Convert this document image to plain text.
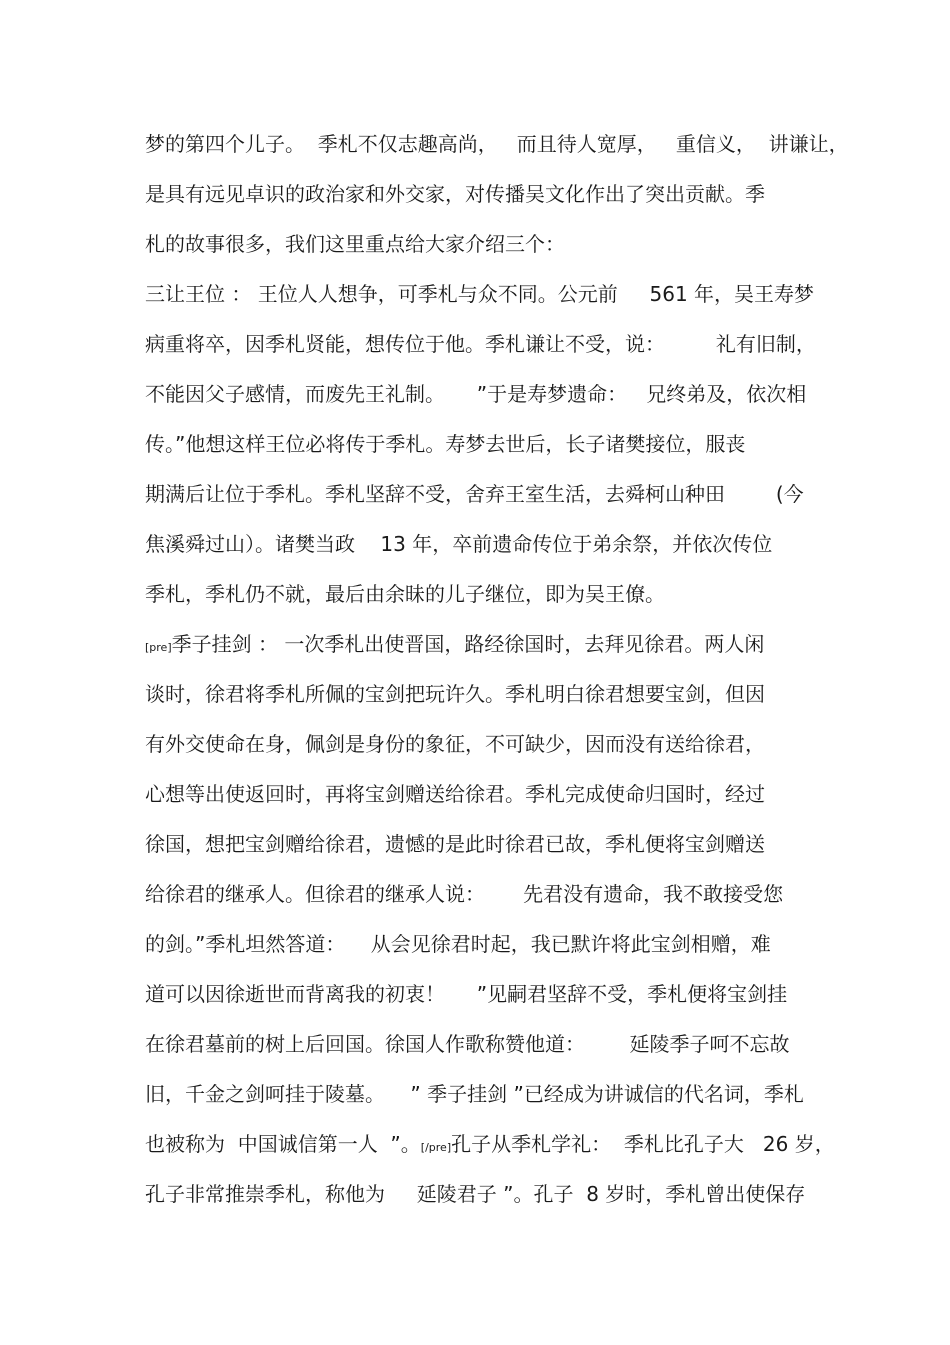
梦的第四个儿子。  季札不仅志趣高尚，   而且待人宽厚，   重信义，  讲谦让，
是具有远见卓识的政治家和外交家，对传播吴文化作出了突出贡献。季
札的故事很多，我们这里重点给大家介绍三个：
三让王位 ： 王位人人想争，可季札与众不同。公元前     561 年，吴王寿梦
病重将卒，因季札贤能，想传位于他。季札谦让不受，说：        礼有旧制，
不能因父子感情，而废先王礼制。     ”于是寿梦遗命：   兄终弟及，依次相
传。”他想这样王位必将传于季札。寿梦去世后，长子诸樊接位，服丧
期满后让位于季札。季札坚辞不受，舍弃王室生活，去舜柯山种田        (今
焦溪舜过山）。诸樊当政    13 年，卒前遗命传位于弟余祭，并依次传位
季札，季札仍不就，最后由余昧的儿子继位，即为吴王僚。
[pre]季子挂剑 ： 一次季札出使晋国，路经徐国时，去拜见徐君。两人闲
谈时，徐君将季札所佩的宝剑把玩许久。季札明白徐君想要宝剑，但因
有外交使命在身，佩剑是身份的象征，不可缺少，因而没有送给徐君，
心想等出使返回时，再将宝剑赠送给徐君。季札完成使命归国时，经过
徐国，想把宝剑赠给徐君，遗憾的是此时徐君已故，季札便将宝剑赠送
给徐君的继承人。但徐君的继承人说：      先君没有遗命，我不敢接受您
的剑。”季札坦然答道：    从会见徐君时起，我已默许将此宝剑相赠，难
道可以因徐逝世而背离我的初衷！     ”见嗣君坚辞不受，季札便将宝剑挂
在徐君墓前的树上后回国。徐国人作歌称赞他道：       延陵季子呵不忘故
旧，千金之剑呵挂于陵墓。    ” 季子挂剑 ”已经成为讲诚信的代名词，季札
也被称为  中国诚信第一人  ”。[/pre]孔子从季札学礼：  季札比孔子大   26 岁，
孔子非常推崇季札，称他为     延陵君子 ”。孔子  8 岁时，季札曾出使保存
